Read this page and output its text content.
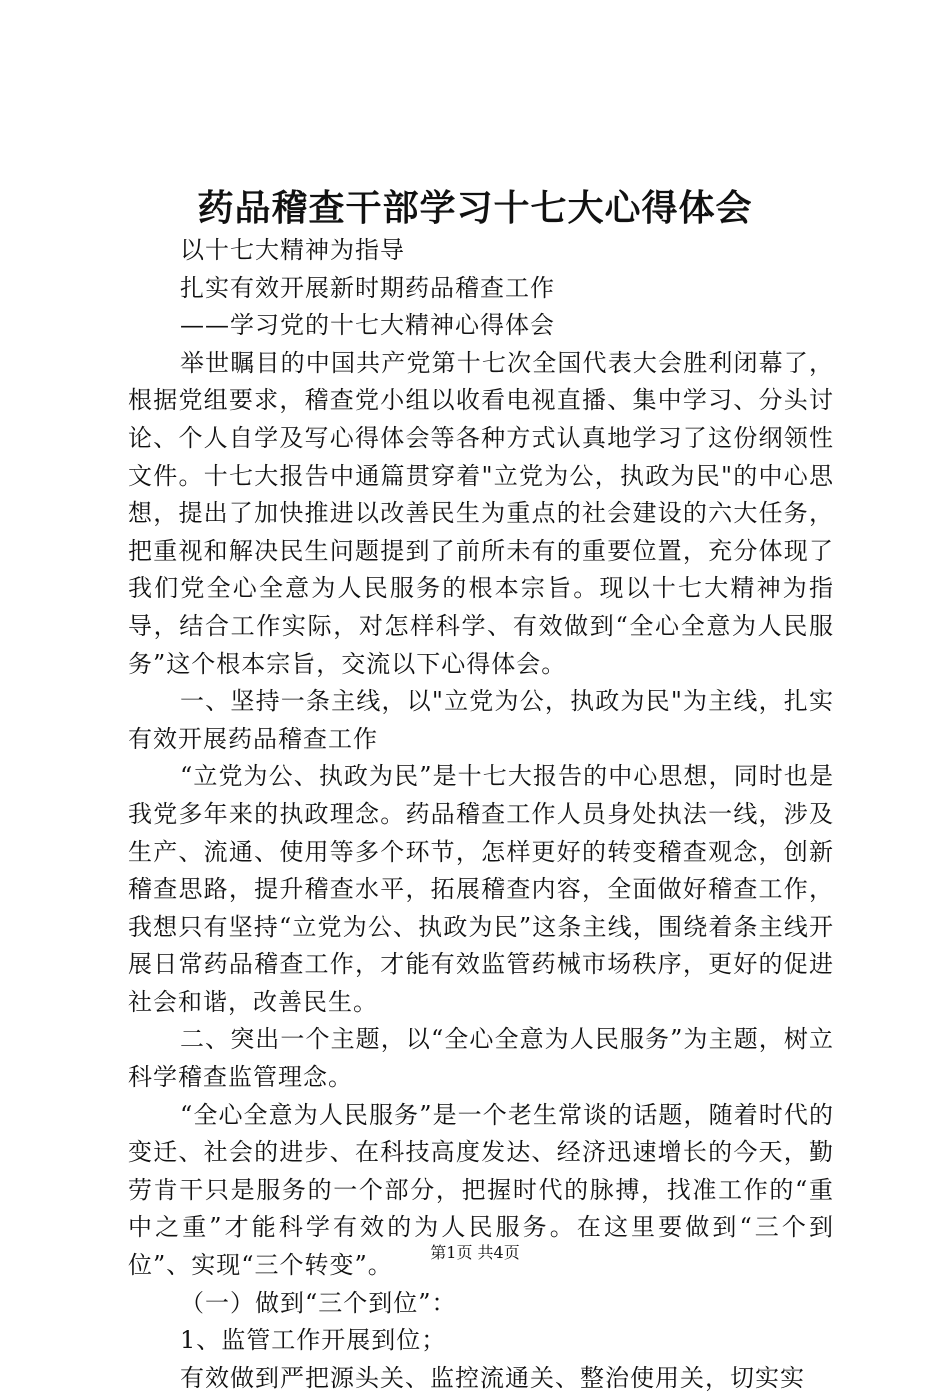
药品稽查干部学习十七大心得体会

以十七大精神为指导

扎实有效开展新时期药品稽查工作

——学习党的十七大精神心得体会

举世瞩目的中国共产党第十七次全国代表大会胜利闭幕了，根据党组要求，稽查党小组以收看电视直播、集中学习、分头讨论、个人自学及写心得体会等各种方式认真地学习了这份纲领性文件。十七大报告中通篇贯穿着"立党为公，执政为民"的中心思想，提出了加快推进以改善民生为重点的社会建设的六大任务，把重视和解决民生问题提到了前所未有的重要位置，充分体现了我们党全心全意为人民服务的根本宗旨。现以十七大精神为指导，结合工作实际，对怎样科学、有效做到“全心全意为人民服务”这个根本宗旨，交流以下心得体会。

一、坚持一条主线，以"立党为公，执政为民"为主线，扎实有效开展药品稽查工作

“立党为公、执政为民”是十七大报告的中心思想，同时也是我党多年来的执政理念。药品稽查工作人员身处执法一线，涉及生产、流通、使用等多个环节，怎样更好的转变稽查观念，创新稽查思路，提升稽查水平，拓展稽查内容，全面做好稽查工作，我想只有坚持“立党为公、执政为民”这条主线，围绕着条主线开展日常药品稽查工作，才能有效监管药械市场秩序，更好的促进社会和谐，改善民生。

二、突出一个主题，以“全心全意为人民服务”为主题，树立科学稽查监管理念。

“全心全意为人民服务”是一个老生常谈的话题，随着时代的变迁、社会的进步、在科技高度发达、经济迅速增长的今天，勤劳肯干只是服务的一个部分，把握时代的脉搏，找准工作的“重中之重”才能科学有效的为人民服务。在这里要做到“三个到位”、实现“三个转变”。

（一）做到“三个到位”：

1、监管工作开展到位；

有效做到严把源头关、监控流通关、整治使用关，切实实

第1页 共4页
